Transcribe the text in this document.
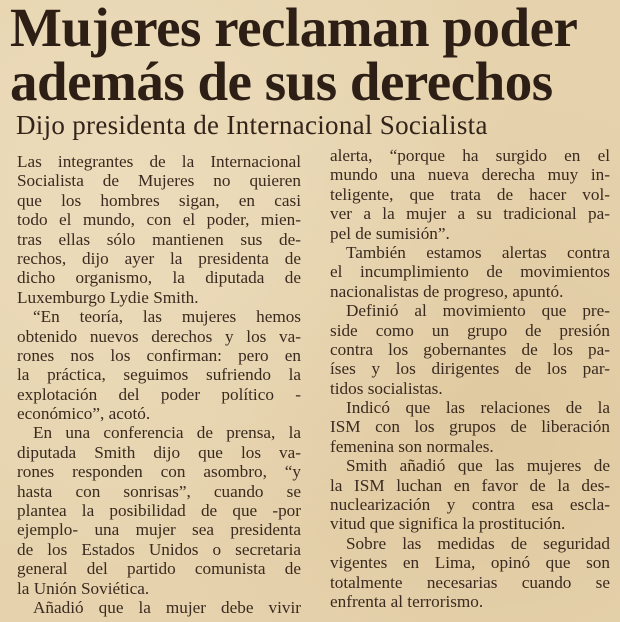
Mujeres reclaman poder
además de sus derechos
Dijo presidenta de Internacional Socialista
Las integrantes de la Internacional
Socialista de Mujeres no quieren
que los hombres sigan, en casi
todo el mundo, con el poder, mien-
tras ellas sólo mantienen sus de-
rechos, dijo ayer la presidenta de
dicho organismo, la diputada de
Luxemburgo Lydie Smith.
“En teoría, las mujeres hemos
obtenido nuevos derechos y los va-
rones nos los confirman: pero en
la práctica, seguimos sufriendo la
explotación del poder político -
económico”, acotó.
En una conferencia de prensa, la
diputada Smith dijo que los va-
rones responden con asombro, “y
hasta con sonrisas”, cuando se
plantea la posibilidad de que -por
ejemplo- una mujer sea presidenta
de los Estados Unidos o secretaria
general del partido comunista de
la Unión Soviética.
Añadió que la mujer debe vivir
alerta, “porque ha surgido en el
mundo una nueva derecha muy in-
teligente, que trata de hacer vol-
ver a la mujer a su tradicional pa-
pel de sumisión”.
También estamos alertas contra
el incumplimiento de movimientos
nacionalistas de progreso, apuntó.
Definió al movimiento que pre-
side como un grupo de presión
contra los gobernantes de los pa-
íses y los dirigentes de los par-
tidos socialistas.
Indicó que las relaciones de la
ISM con los grupos de liberación
femenina son normales.
Smith añadió que las mujeres de
la ISM luchan en favor de la des-
nuclearización y contra esa escla-
vitud que significa la prostitución.
Sobre las medidas de seguridad
vigentes en Lima, opinó que son
totalmente necesarias cuando se
enfrenta al terrorismo.
